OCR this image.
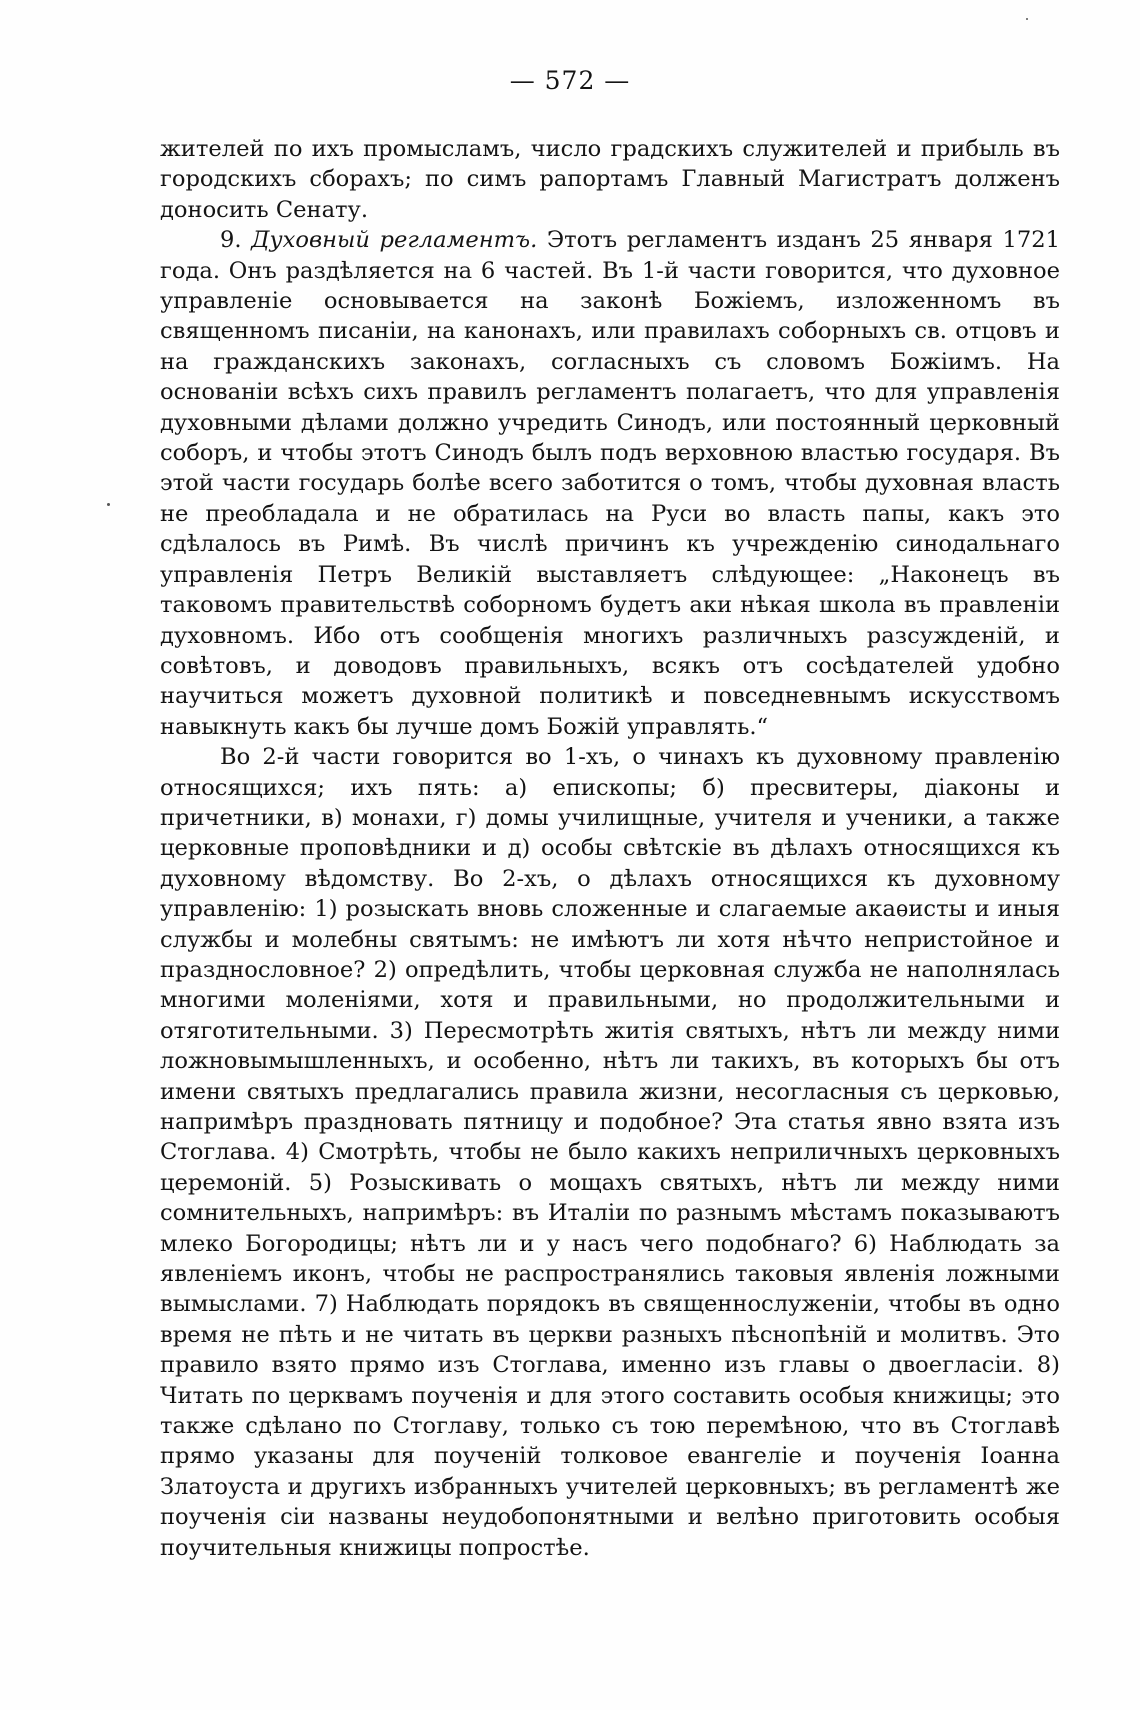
— 572 —

жителей по ихъ промысламъ, число градскихъ служителей и прибыль въ городскихъ сборахъ; по симъ рапортамъ Главный Магистратъ долженъ доносить Сенату.

9. Духовный регламентъ. Этотъ регламентъ изданъ 25 января 1721 года. Онъ раздѣляется на 6 частей. Въ 1-й части говорится, что духовное управленіе основывается на законѣ Божіемъ, изложенномъ въ священномъ писаніи, на канонахъ, или правилахъ соборныхъ св. отцовъ и на гражданскихъ законахъ, согласныхъ съ словомъ Божіимъ. На основаніи всѣхъ сихъ правилъ регламентъ полагаетъ, что для управленія духовными дѣлами должно учредить Синодъ, или постоянный церковный соборъ, и чтобы этотъ Синодъ былъ подъ верховною властью государя. Въ этой части государь болѣе всего заботится о томъ, чтобы духовная власть не преобладала и не обратилась на Руси во власть папы, какъ это сдѣлалось въ Римѣ. Въ числѣ причинъ къ учрежденію синодальнаго управленія Петръ Великій выставляетъ слѣдующее: „Наконецъ въ таковомъ правительствѣ соборномъ будетъ аки нѣкая школа въ правленіи духовномъ. Ибо отъ сообщенія многихъ различныхъ разсужденій, и совѣтовъ, и доводовъ правильныхъ, всякъ отъ сосѣдателей удобно научиться можетъ духовной политикѣ и повседневнымъ искусствомъ навыкнуть какъ бы лучше домъ Божій управлять.“

Во 2-й части говорится во 1-хъ, о чинахъ къ духовному правленію относящихся; ихъ пять: а) епископы; б) пресвитеры, діаконы и причетники, в) монахи, г) домы училищные, учителя и ученики, а также церковные проповѣдники и д) особы свѣтскіе въ дѣлахъ относящихся къ духовному вѣдомству. Во 2-хъ, о дѣлахъ относящихся къ духовному управленію: 1) розыскать вновь сложенные и слагаемые акаѳисты и иныя службы и молебны святымъ: не имѣютъ ли хотя нѣчто непристойное и празднословное? 2) опредѣлить, чтобы церковная служба не наполнялась многими моленіями, хотя и правильными, но продолжительными и отяготительными. 3) Пересмотрѣть житія святыхъ, нѣтъ ли между ними ложновымышленныхъ, и особенно, нѣтъ ли такихъ, въ которыхъ бы отъ имени святыхъ предлагались правила жизни, несогласныя съ церковью, напримѣръ праздновать пятницу и подобное? Эта статья явно взята изъ Стоглава. 4) Смотрѣть, чтобы не было какихъ неприличныхъ церковныхъ церемоній. 5) Розыскивать о мощахъ святыхъ, нѣтъ ли между ними сомнительныхъ, напримѣръ: въ Италіи по разнымъ мѣстамъ показываютъ млеко Богородицы; нѣтъ ли и у насъ чего подобнаго? 6) Наблюдать за явленіемъ иконъ, чтобы не распространялись таковыя явленія ложными вымыслами. 7) Наблюдать порядокъ въ священнослуженіи, чтобы въ одно время не пѣть и не читать въ церкви разныхъ пѣснопѣній и молитвъ. Это правило взято прямо изъ Стоглава, именно изъ главы о двоегласіи. 8) Читать по церквамъ поученія и для этого составить особыя книжицы; это также сдѣлано по Стоглаву, только съ тою перемѣною, что въ Стоглавѣ прямо указаны для поученій толковое евангеліе и поученія Іоанна Златоуста и другихъ избранныхъ учителей церковныхъ; въ регламентѣ же поученія сіи названы неудобопонятными и велѣно приготовить особыя поучительныя книжицы попростѣе.
